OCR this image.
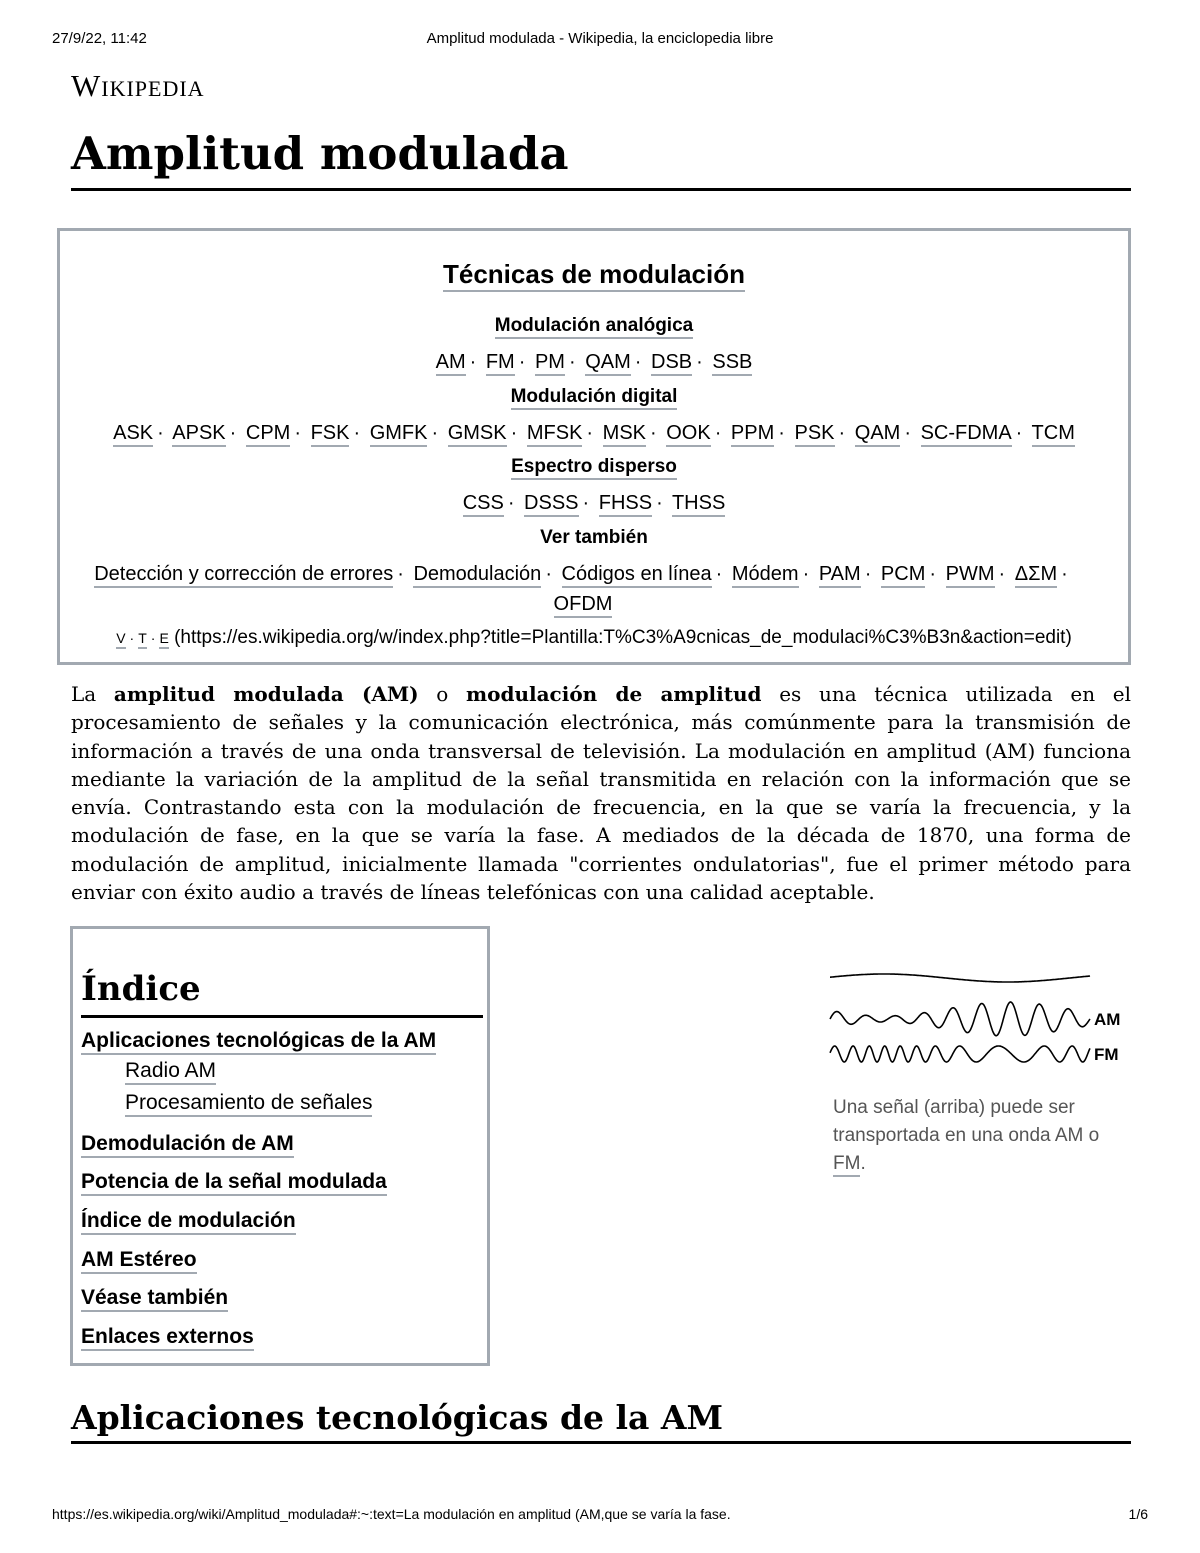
27/9/22, 11:42	Amplitud modulada - Wikipedia, la enciclopedia libre
Wikipedia
Amplitud modulada
Técnicas de modulación
Modulación analógica
AM · FM · PM · QAM · DSB · SSB
Modulación digital
ASK · APSK · CPM · FSK · GMFK · GMSK · MFSK · MSK · OOK · PPM · PSK · QAM · SC-FDMA · TCM
Espectro disperso
CSS · DSSS · FHSS · THSS
Ver también
Detección y corrección de errores · Demodulación · Códigos en línea · Módem · PAM · PCM · PWM · ΔΣM · OFDM
V · T · E (https://es.wikipedia.org/w/index.php?title=Plantilla:T%C3%A9cnicas_de_modulaci%C3%B3n&action=edit)

La amplitud modulada (AM) o modulación de amplitud es una técnica utilizada en el procesamiento de señales y la comunicación electrónica, más comúnmente para la transmisión de información a través de una onda transversal de televisión. La modulación en amplitud (AM) funciona mediante la variación de la amplitud de la señal transmitida en relación con la información que se envía. Contrastando esta con la modulación de frecuencia, en la que se varía la frecuencia, y la modulación de fase, en la que se varía la fase. A mediados de la década de 1870, una forma de modulación de amplitud, inicialmente llamada "corrientes ondulatorias", fue el primer método para enviar con éxito audio a través de líneas telefónicas con una calidad aceptable.

Índice
Aplicaciones tecnológicas de la AM
Radio AM
Procesamiento de señales
Demodulación de AM
Potencia de la señal modulada
Índice de modulación
AM Estéreo
Véase también
Enlaces externos
AM
FM
Una señal (arriba) puede ser transportada en una onda AM o FM.
Aplicaciones tecnológicas de la AM
https://es.wikipedia.org/wiki/Amplitud_modulada#:~:text=La modulación en amplitud (AM,que se varía la fase.	1/6
